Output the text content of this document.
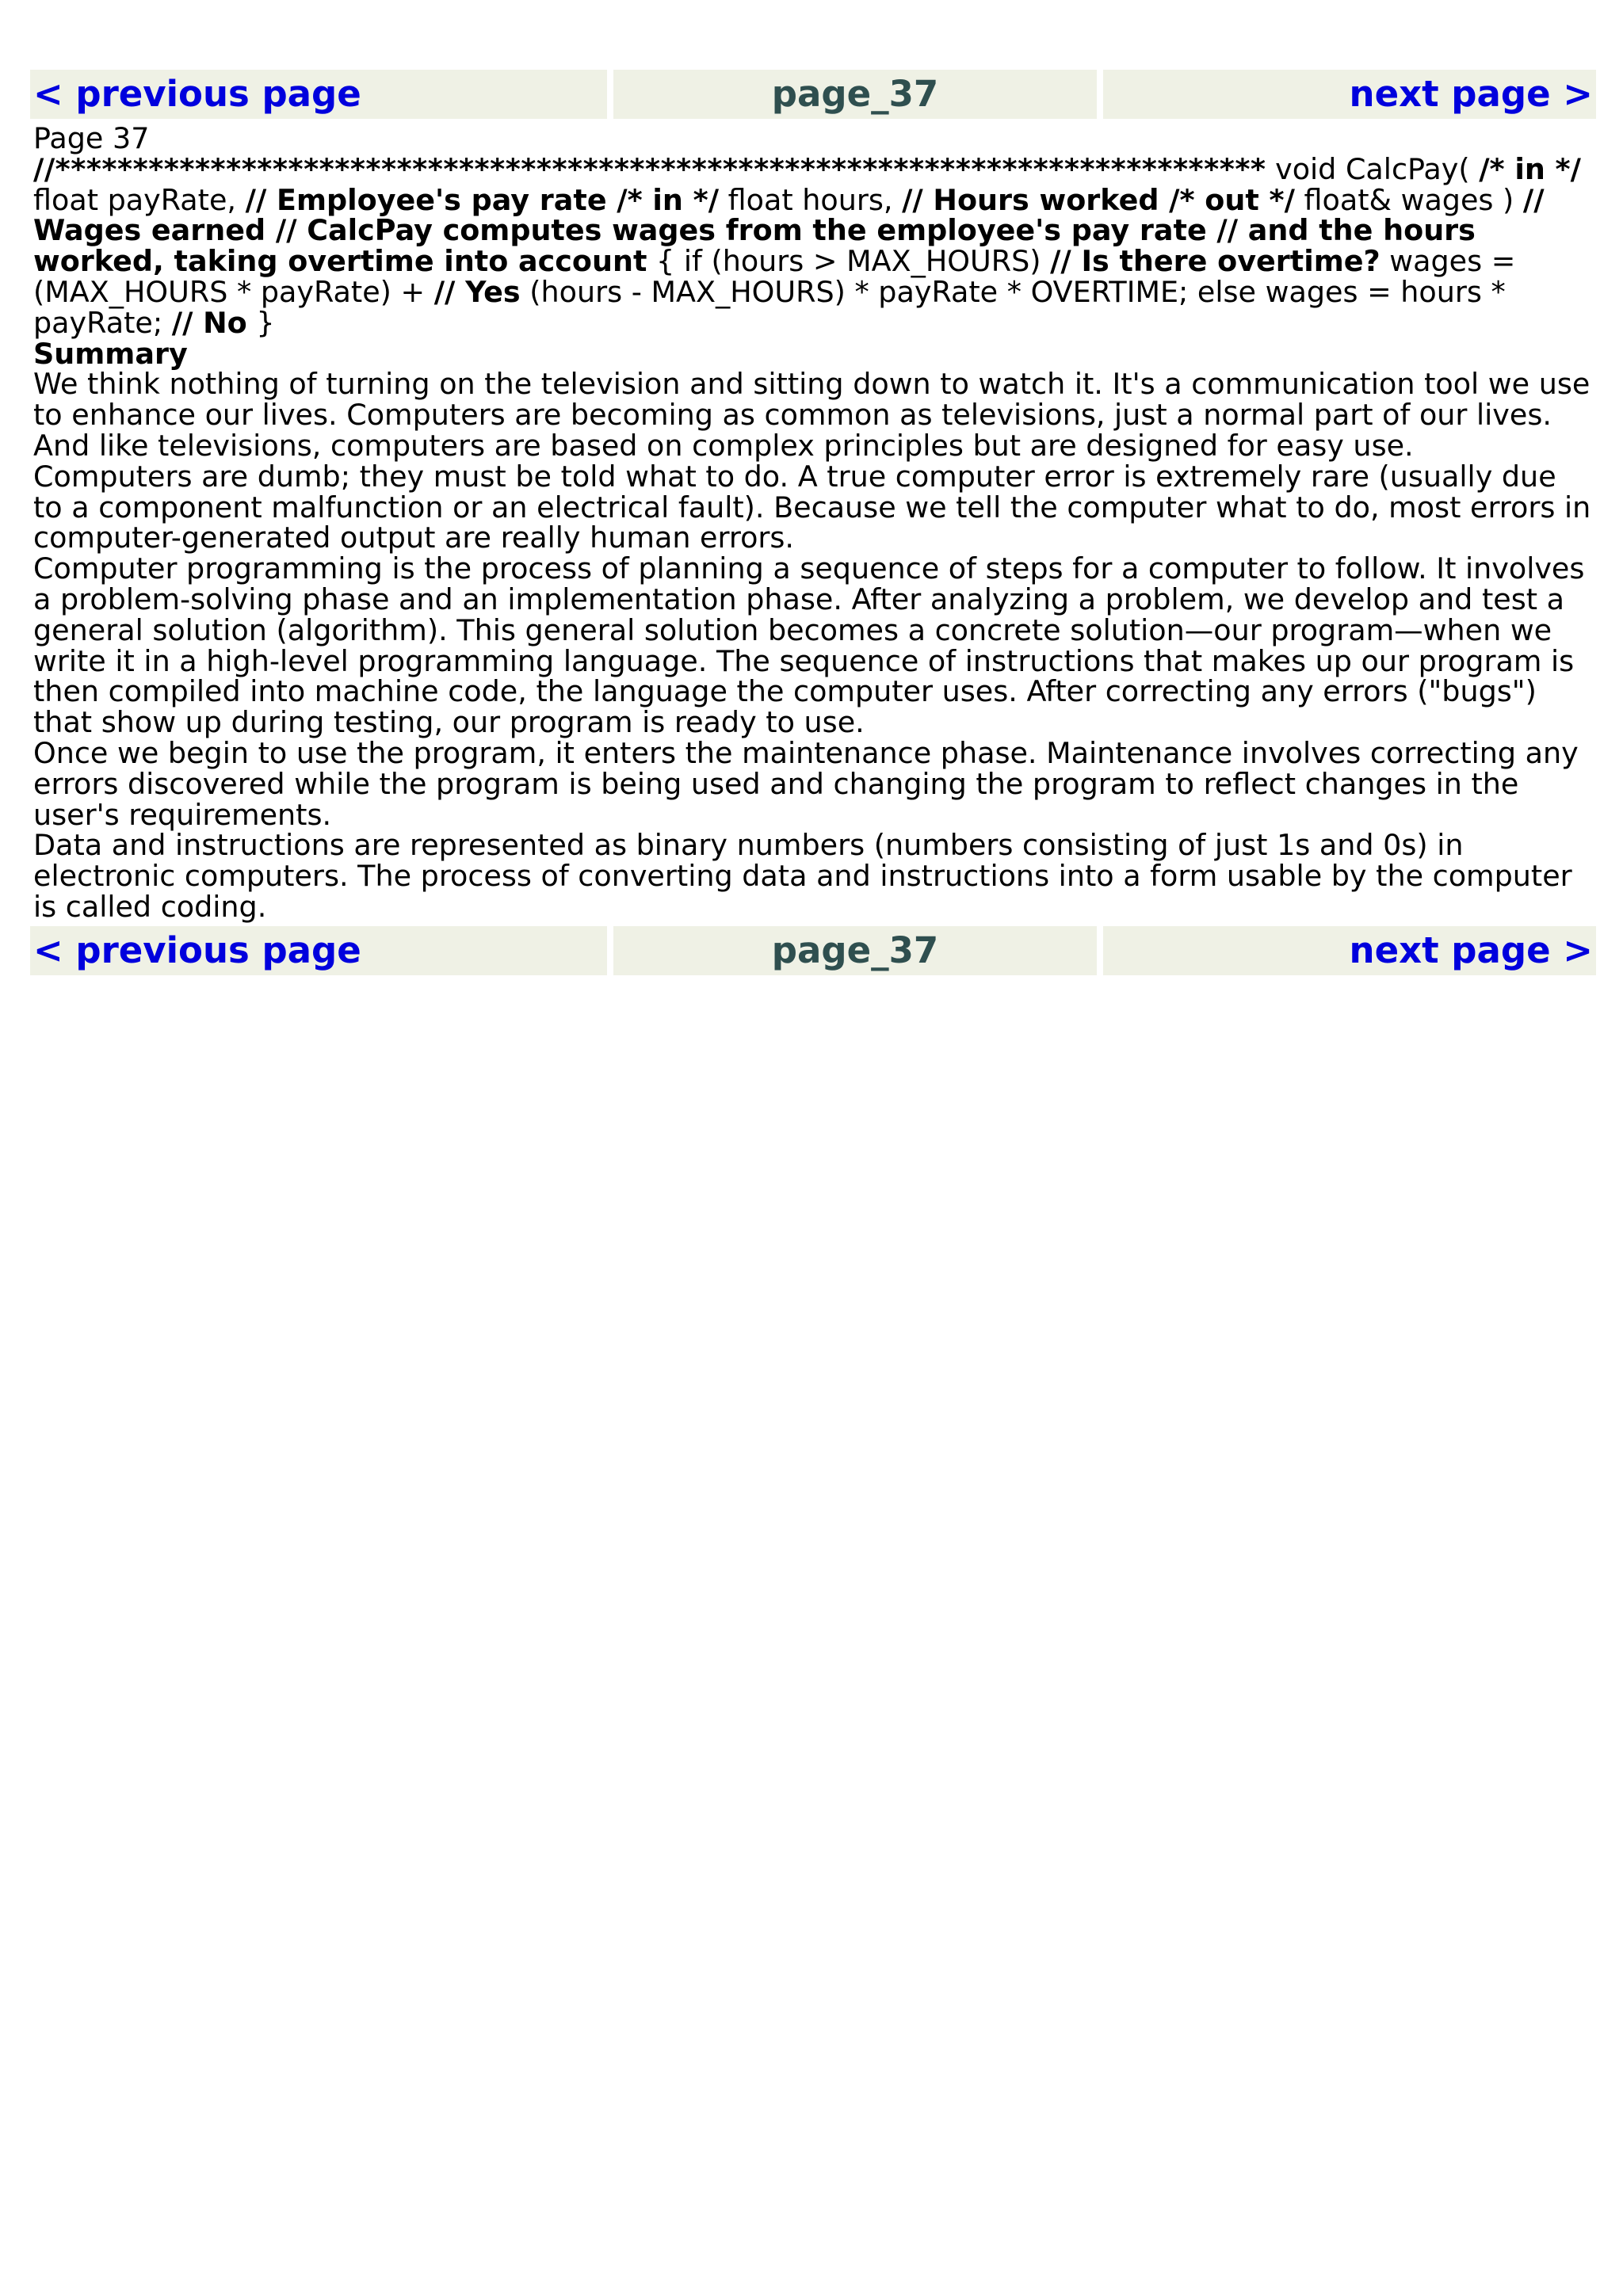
< previous page	page_37	next page >
Page 37

//****************************************************************************** void CalcPay( /* in */ float payRate, // Employee's pay rate /* in */ float hours, // Hours worked /* out */ float& wages ) // Wages earned // CalcPay computes wages from the employee's pay rate // and the hours worked, taking overtime into account { if (hours > MAX_HOURS) // Is there overtime? wages = (MAX_HOURS * payRate) + // Yes (hours - MAX_HOURS) * payRate * OVERTIME; else wages = hours * payRate; // No }

Summary

We think nothing of turning on the television and sitting down to watch it. It's a communication tool we use to enhance our lives. Computers are becoming as common as televisions, just a normal part of our lives. And like televisions, computers are based on complex principles but are designed for easy use.

Computers are dumb; they must be told what to do. A true computer error is extremely rare (usually due to a component malfunction or an electrical fault). Because we tell the computer what to do, most errors in computer-generated output are really human errors.

Computer programming is the process of planning a sequence of steps for a computer to follow. It involves a problem-solving phase and an implementation phase. After analyzing a problem, we develop and test a general solution (algorithm). This general solution becomes a concrete solution—our program—when we write it in a high-level programming language. The sequence of instructions that makes up our program is then compiled into machine code, the language the computer uses. After correcting any errors ("bugs") that show up during testing, our program is ready to use.

Once we begin to use the program, it enters the maintenance phase. Maintenance involves correcting any errors discovered while the program is being used and changing the program to reflect changes in the user's requirements.

Data and instructions are represented as binary numbers (numbers consisting of just 1s and 0s) in electronic computers. The process of converting data and instructions into a form usable by the computer is called coding.

< previous page	page_37	next page >
